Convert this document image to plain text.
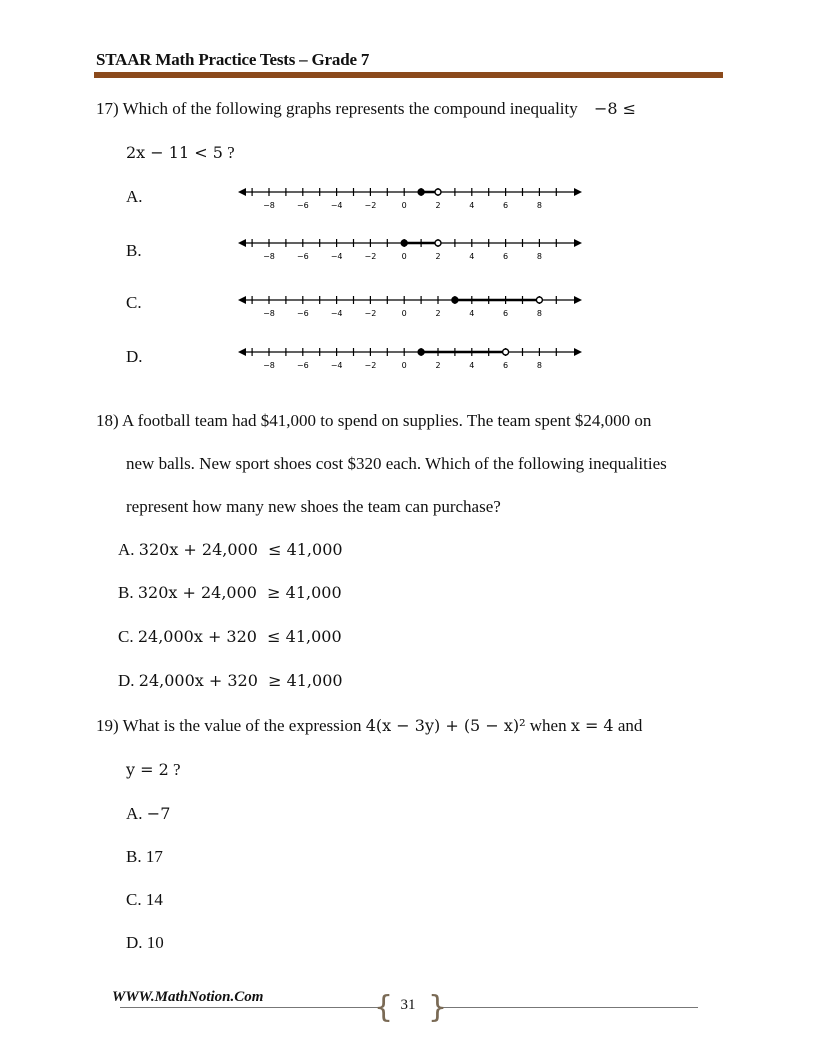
STAAR Math Practice Tests – Grade 7
17) Which of the following graphs represents the compound inequality −8 ≤
2x − 11 < 5 ?
A.	−8	−6	−4	−2	0	2	4	6	8
B.	−8	−6	−4	−2	0	2	4	6	8
C.
−8	−6	−4	−2	0	2	4	6	8
D.	−8	−6	−4	−2	0	2	4	6	8
18) A football team had $41,000 to spend on supplies. The team spent $24,000 on
new balls. New sport shoes cost $320 each. Which of the following inequalities
represent how many new shoes the team can purchase?
A. 320x + 24,000  ≤ 41,000
B. 320x + 24,000  ≥ 41,000
C. 24,000x + 320  ≤ 41,000
D. 24,000x + 320  ≥ 41,000
19) What is the value of the expression 4(x − 3y) + (5 − x)² when x = 4 and
y = 2 ?
A. −7
B. 17
C. 14
D. 10
WWW.MathNotion.Com	{ }
31
